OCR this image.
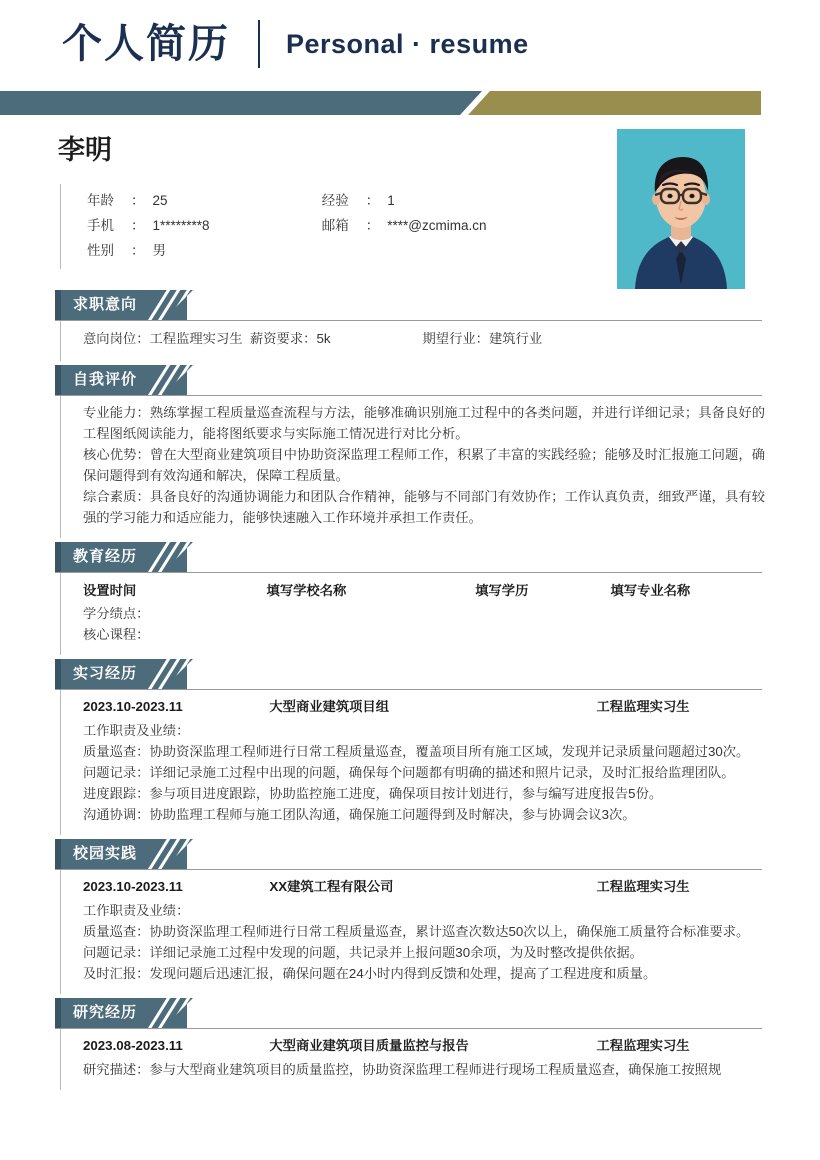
个人简历 Personal · resume
李明
年龄	： 25	经验	： 1
手机	： 1********8	邮箱	： ****@zcmima.cn
性别	： 男
求职意向
意向岗位 ： 工程监理实习生
薪资要求 ： 5k	期望行业 ： 建筑行业
自我评价

专业能力：熟练掌握工程质量巡查流程与方法，能够准确识别施工过程中的各类问题，并进行详细记录；具备良好的工程图纸阅读能力，能将图纸要求与实际施工情况进行对比分析。

核心优势：曾在大型商业建筑项目中协助资深监理工程师工作，积累了丰富的实践经验；能够及时汇报施工问题，确保问题得到有效沟通和解决，保障工程质量。

综合素质：具备良好的沟通协调能力和团队合作精神，能够与不同部门有效协作；工作认真负责，细致严谨，具有较强的学习能力和适应能力，能够快速融入工作环境并承担工作责任。

教育经历
设置时间	填写学校名称	填写学历	填写专业名称
学分绩点：
核心课程：
实习经历
2023.10-2023.11	大型商业建筑项目组	工程监理实习生

工作职责及业绩：

质量巡查：协助资深监理工程师进行日常工程质量巡查，覆盖项目所有施工区域，发现并记录质量问题超过30次。

问题记录：详细记录施工过程中出现的问题，确保每个问题都有明确的描述和照片记录，及时汇报给监理团队。

进度跟踪：参与项目进度跟踪，协助监控施工进度，确保项目按计划进行，参与编写进度报告5份。

沟通协调：协助监理工程师与施工团队沟通，确保施工问题得到及时解决，参与协调会议3次。

校园实践
2023.10-2023.11	XX建筑工程有限公司	工程监理实习生

工作职责及业绩：

质量巡查：协助资深监理工程师进行日常工程质量巡查，累计巡查次数达50次以上，确保施工质量符合标准要求。

问题记录：详细记录施工过程中发现的问题，共记录并上报问题30余项，为及时整改提供依据。

及时汇报：发现问题后迅速汇报，确保问题在24小时内得到反馈和处理，提高了工程进度和质量。

研究经历
2023.08-2023.11	大型商业建筑项目质量监控与报告	工程监理实习生

研究描述：参与大型商业建筑项目的质量监控，协助资深监理工程师进行现场工程质量巡查，确保施工按照规
